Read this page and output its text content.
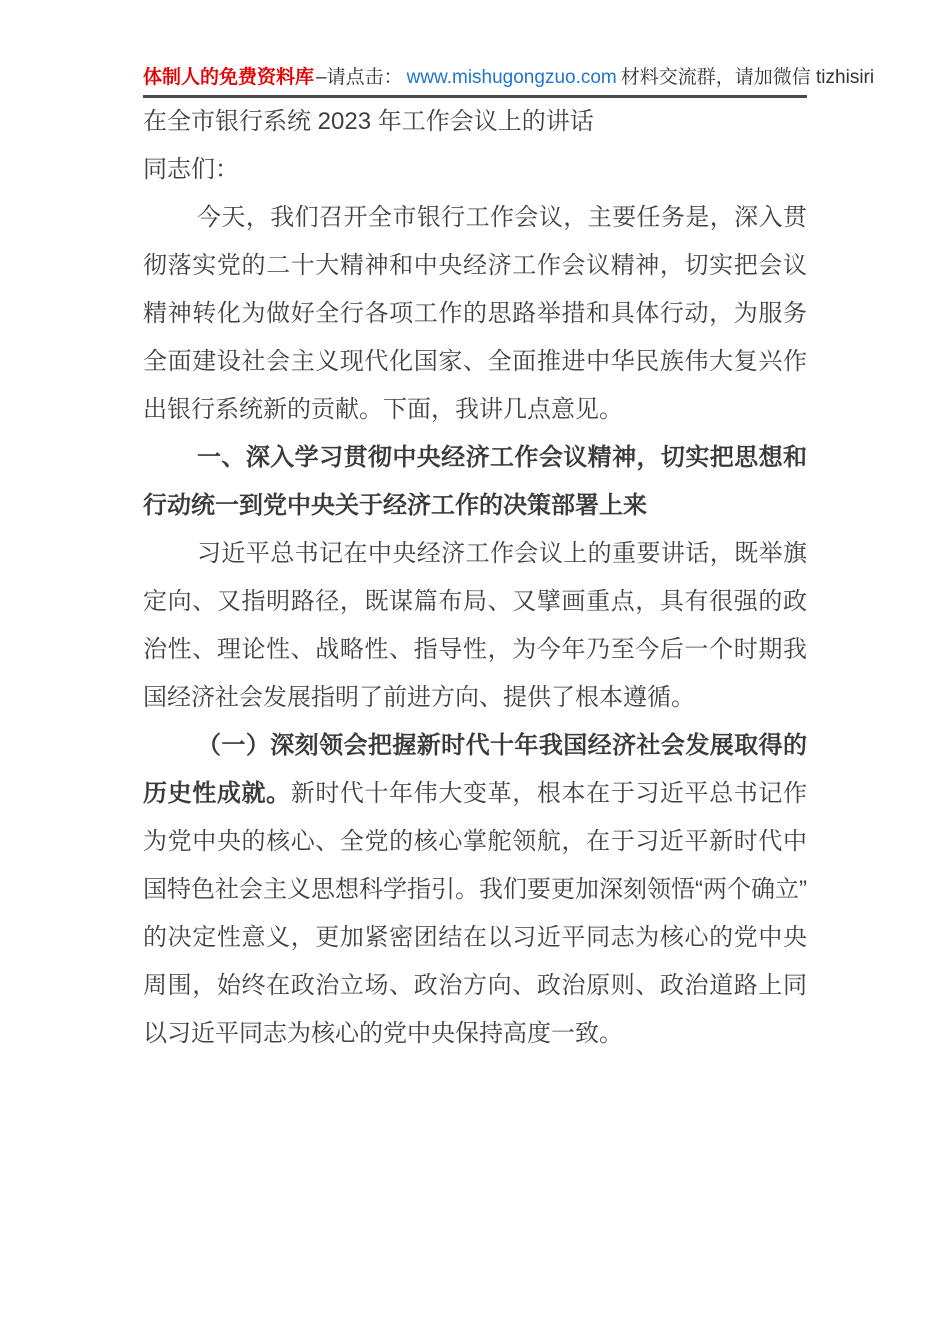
体制人的免费资料库 –请点击： www.mishugongzuo.com 材料交流群，请加微信 tizhisiri

在全市银行系统 2023 年工作会议上的讲话

同志们：

今天，我们召开全市银行工作会议，主要任务是，深入贯彻落实党的二十大精神和中央经济工作会议精神，切实把会议精神转化为做好全行各项工作的思路举措和具体行动，为服务全面建设社会主义现代化国家、全面推进中华民族伟大复兴作出银行系统新的贡献。下面，我讲几点意见。

一、深入学习贯彻中央经济工作会议精神，切实把思想和行动统一到党中央关于经济工作的决策部署上来

习近平总书记在中央经济工作会议上的重要讲话，既举旗定向、又指明路径，既谋篇布局、又擘画重点，具有很强的政治性、理论性、战略性、指导性，为今年乃至今后一个时期我国经济社会发展指明了前进方向、提供了根本遵循。

（一）深刻领会把握新时代十年我国经济社会发展取得的历史性成就。新时代十年伟大变革，根本在于习近平总书记作为党中央的核心、全党的核心掌舵领航，在于习近平新时代中国特色社会主义思想科学指引。我们要更加深刻领悟“两个确立”的决定性意义，更加紧密团结在以习近平同志为核心的党中央周围，始终在政治立场、政治方向、政治原则、政治道路上同以习近平同志为核心的党中央保持高度一致。
